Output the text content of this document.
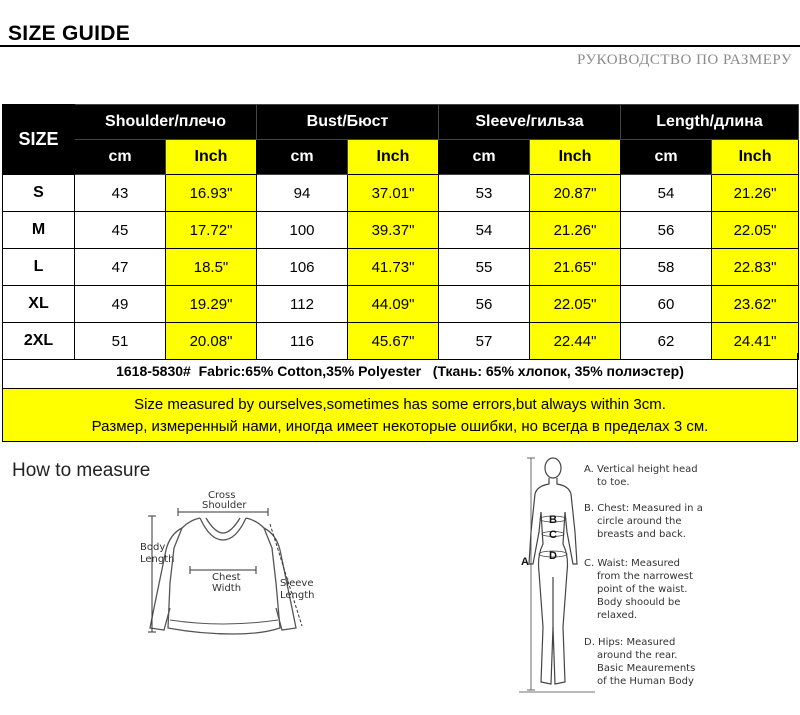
SIZE GUIDE
РУКОВОДСТВО ПО РАЗМЕРУ
SIZE	Shoulder/плечо		Bust/Бюст		Sleeve/гильза		Length/длина	
	cm	Inch	cm	Inch	cm	Inch	cm	Inch
S	43	16.93"	94	37.01"	53	20.87"	54	21.26"
M	45	17.72"	100	39.37"	54	21.26"	56	22.05"
L	47	18.5"	106	41.73"	55	21.65"	58	22.83"
XL	49	19.29"	112	44.09"	56	22.05"	60	23.62"
2XL	51	20.08"	116	45.67"	57	22.44"	62	24.41"
1618-5830#  Fabric:65% Cotton,35% Polyester   (Ткань: 65% хлопок, 35% полиэстер)
Size measured by ourselves,sometimes has some errors,but always within 3cm.
Размер, измеренный нами, иногда имеет некоторые ошибки, но всегда в пределах 3 см.
How to measure
Cross
Shoulder
Body
Length
Chest
Width	Sleeve
Length
B
C
D
A
A. Vertical height head
to toe.
B. Chest: Measured in a
circle around the
breasts and back.
C. Waist: Measured
from the narrowest
point of the waist.
Body shoould be
relaxed.
D. Hips: Measured
around the rear.
Basic Meaurements
of the Human Body
